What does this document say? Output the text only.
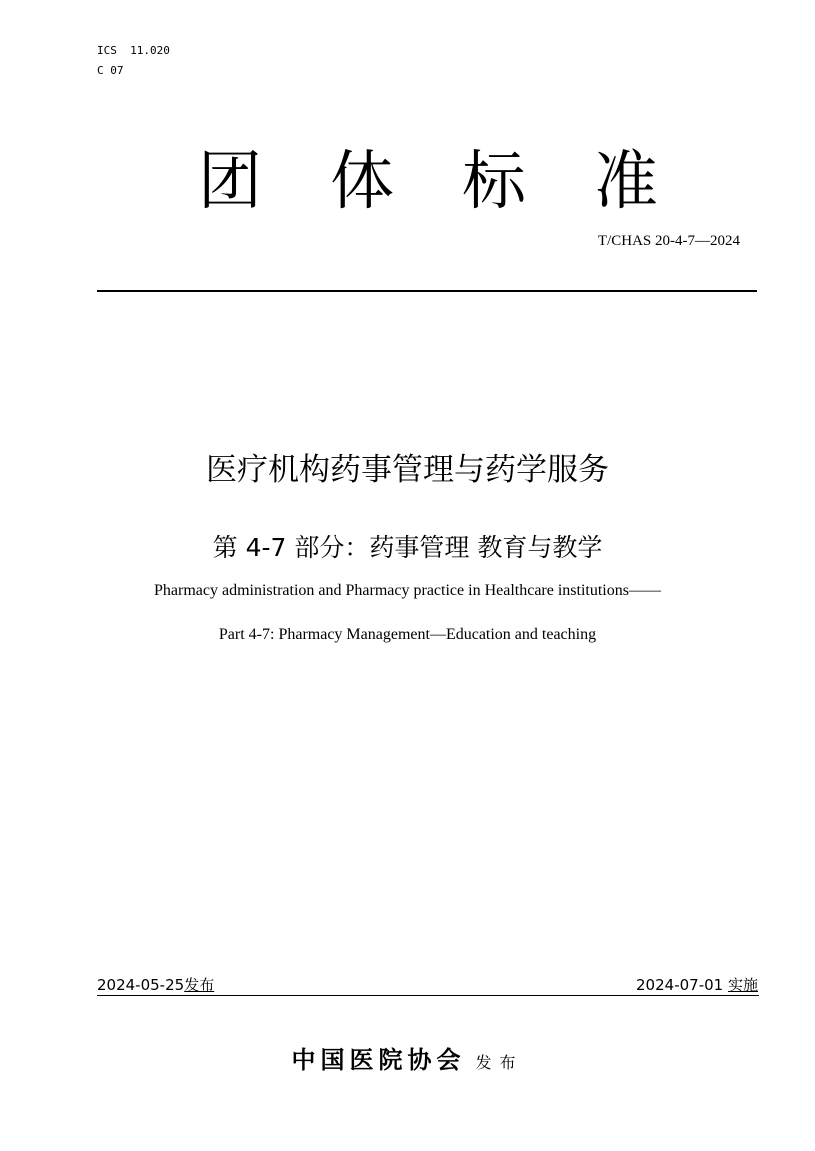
ICS  11.020
C 07
团 体 标 准
T/CHAS 20-4-7—2024
医疗机构药事管理与药学服务
第 4-7 部分：药事管理 教育与教学
Pharmacy administration and Pharmacy practice in Healthcare institutions——
Part 4-7: Pharmacy Management—Education and teaching
2024-05-25发布	2024-07-01 实施
中国医院协会 发布
